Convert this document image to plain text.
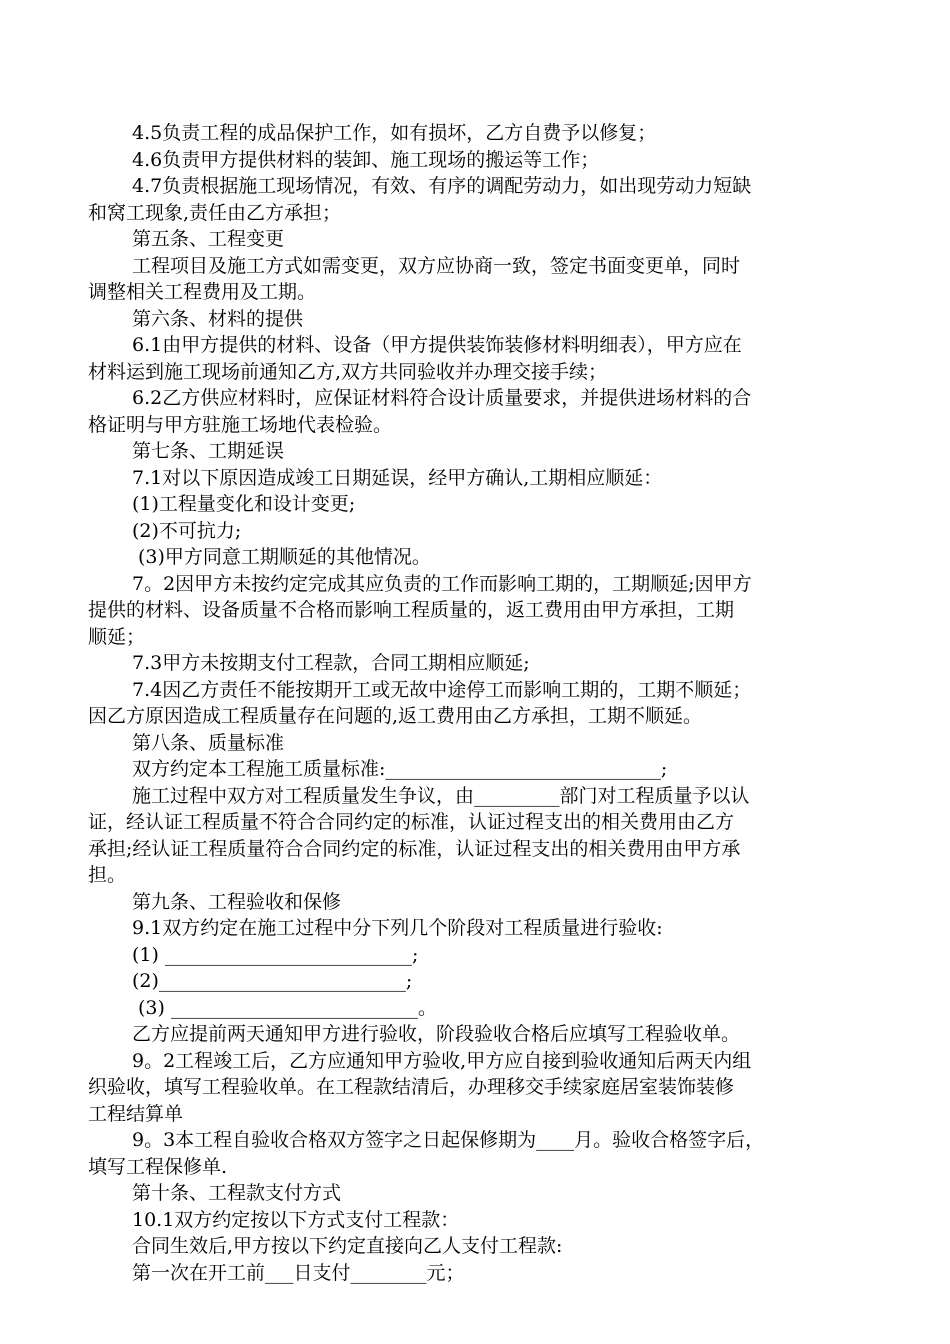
4.5负责工程的成品保护工作，如有损坏，乙方自费予以修复；
4.6负责甲方提供材料的装卸、施工现场的搬运等工作；
4.7负责根据施工现场情况，有效、有序的调配劳动力，如出现劳动力短缺
和窝工现象,责任由乙方承担；
第五条、工程变更
工程项目及施工方式如需变更，双方应协商一致，签定书面变更单，同时
调整相关工程费用及工期。
第六条、材料的提供
6.1由甲方提供的材料、设备（甲方提供装饰装修材料明细表），甲方应在
材料运到施工现场前通知乙方,双方共同验收并办理交接手续；
6.2乙方供应材料时，应保证材料符合设计质量要求，并提供进场材料的合
格证明与甲方驻施工场地代表检验。
第七条、工期延误
7.1对以下原因造成竣工日期延误，经甲方确认,工期相应顺延：
(1)工程量变化和设计变更;
(2)不可抗力;
(3)甲方同意工期顺延的其他情况。
7。2因甲方未按约定完成其应负责的工作而影响工期的，工期顺延;因甲方
提供的材料、设备质量不合格而影响工程质量的，返工费用由甲方承担，工期
顺延；
7.3甲方未按期支付工程款，合同工期相应顺延;
7.4因乙方责任不能按期开工或无故中途停工而影响工期的，工期不顺延；
因乙方原因造成工程质量存在问题的,返工费用由乙方承担，工期不顺延。
第八条、质量标准
双方约定本工程施工质量标准:_____________________________;
施工过程中双方对工程质量发生争议，由_________部门对工程质量予以认
证，经认证工程质量不符合合同约定的标准，认证过程支出的相关费用由乙方
承担;经认证工程质量符合合同约定的标准，认证过程支出的相关费用由甲方承
担。
第九条、工程验收和保修
9.1双方约定在施工过程中分下列几个阶段对工程质量进行验收:
(1) __________________________;
(2)__________________________;
(3) __________________________。
乙方应提前两天通知甲方进行验收，阶段验收合格后应填写工程验收单。
9。2工程竣工后，乙方应通知甲方验收,甲方应自接到验收通知后两天内组
织验收，填写工程验收单。在工程款结清后，办理移交手续家庭居室装饰装修
工程结算单
9。3本工程自验收合格双方签字之日起保修期为____月。验收合格签字后，
填写工程保修单.
第十条、工程款支付方式
10.1双方约定按以下方式支付工程款：
合同生效后,甲方按以下约定直接向乙人支付工程款:
第一次在开工前___日支付________元；
